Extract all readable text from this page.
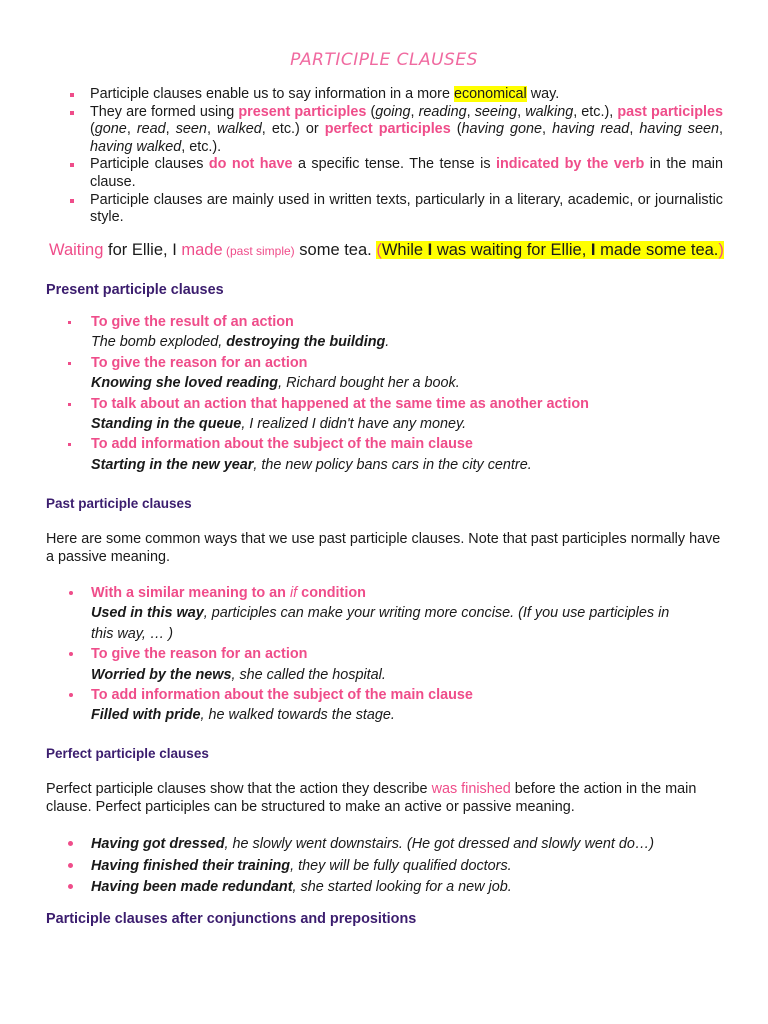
PARTICIPLE CLAUSES
Participle clauses enable us to say information in a more economical way.
They are formed using present participles (going, reading, seeing, walking, etc.), past participles (gone, read, seen, walked, etc.) or perfect participles (having gone, having read, having seen, having walked, etc.).
Participle clauses do not have a specific tense. The tense is indicated by the verb in the main clause.
Participle clauses are mainly used in written texts, particularly in a literary, academic, or journalistic style.
Waiting for Ellie, I made (past simple) some tea. (While I was waiting for Ellie, I made some tea.)
Present participle clauses
To give the result of an action
The bomb exploded, destroying the building.
To give the reason for an action
Knowing she loved reading, Richard bought her a book.
To talk about an action that happened at the same time as another action
Standing in the queue, I realized I didn't have any money.
To add information about the subject of the main clause
Starting in the new year, the new policy bans cars in the city centre.
Past participle clauses
Here are some common ways that we use past participle clauses. Note that past participles normally have a passive meaning.
With a similar meaning to an if condition
Used in this way, participles can make your writing more concise. (If you use participles in
this way, … )
To give the reason for an action
Worried by the news, she called the hospital.
To add information about the subject of the main clause
Filled with pride, he walked towards the stage.
Perfect participle clauses
Perfect participle clauses show that the action they describe was finished before the action in the main clause. Perfect participles can be structured to make an active or passive meaning.
Having got dressed, he slowly went downstairs. (He got dressed and slowly went do…)
Having finished their training, they will be fully qualified doctors.
Having been made redundant, she started looking for a new job.
Participle clauses after conjunctions and prepositions
